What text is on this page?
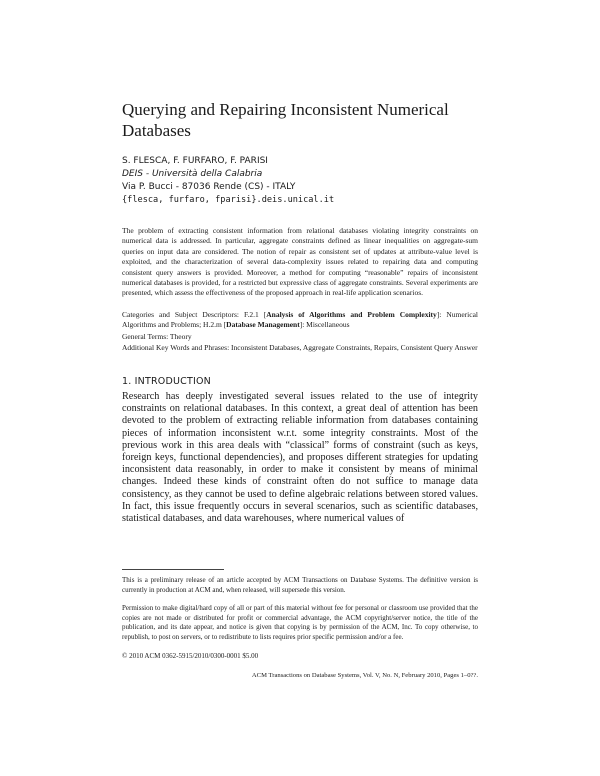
Querying and Repairing Inconsistent Numerical Databases
S. FLESCA, F. FURFARO, F. PARISI
DEIS - Università della Calabria
Via P. Bucci - 87036 Rende (CS) - ITALY
{flesca, furfaro, fparisi}.deis.unical.it

The problem of extracting consistent information from relational databases violating integrity constraints on numerical data is addressed. In particular, aggregate constraints defined as linear inequalities on aggregate-sum queries on input data are considered. The notion of repair as consistent set of updates at attribute-value level is exploited, and the characterization of several data-complexity issues related to repairing data and computing consistent query answers is provided. Moreover, a method for computing “reasonable” repairs of inconsistent numerical databases is provided, for a restricted but expressive class of aggregate constraints. Several experiments are presented, which assess the effectiveness of the proposed approach in real-life application scenarios.

Categories and Subject Descriptors: F.2.1 [Analysis of Algorithms and Problem Complexity]: Numerical Algorithms and Problems; H.2.m [Database Management]: Miscellaneous

General Terms: Theory

Additional Key Words and Phrases: Inconsistent Databases, Aggregate Constraints, Repairs, Consistent Query Answer

1. INTRODUCTION

Research has deeply investigated several issues related to the use of integrity constraints on relational databases. In this context, a great deal of attention has been devoted to the problem of extracting reliable information from databases containing pieces of information inconsistent w.r.t. some integrity constraints. Most of the previous work in this area deals with “classical” forms of constraint (such as keys, foreign keys, functional dependencies), and proposes different strategies for updating inconsistent data reasonably, in order to make it consistent by means of minimal changes. Indeed these kinds of constraint often do not suffice to manage data consistency, as they cannot be used to define algebraic relations between stored values. In fact, this issue frequently occurs in several scenarios, such as scientific databases, statistical databases, and data warehouses, where numerical values of

This is a preliminary release of an article accepted by ACM Transactions on Database Systems. The definitive version is currently in production at ACM and, when released, will supersede this version.

Permission to make digital/hard copy of all or part of this material without fee for personal or classroom use provided that the copies are not made or distributed for profit or commercial advantage, the ACM copyright/server notice, the title of the publication, and its date appear, and notice is given that copying is by permission of the ACM, Inc. To copy otherwise, to republish, to post on servers, or to redistribute to lists requires prior specific permission and/or a fee.

© 2010 ACM 0362-5915/2010/0300-0001 $5.00

ACM Transactions on Database Systems, Vol. V, No. N, February 2010, Pages 1–0??.
